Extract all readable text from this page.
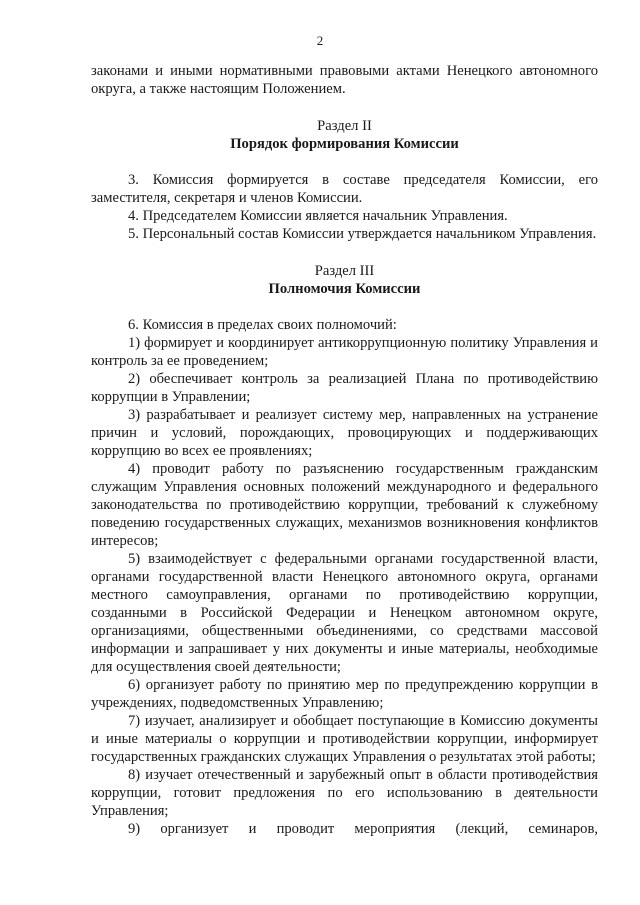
2

законами и иными нормативными правовыми актами Ненецкого автономного округа, а также настоящим Положением.

Раздел II

Порядок формирования Комиссии

3. Комиссия формируется в составе председателя Комиссии, его заместителя, секретаря и членов Комиссии.

4. Председателем Комиссии является начальник Управления.

5. Персональный состав Комиссии утверждается начальником Управления.

Раздел III

Полномочия Комиссии

6. Комиссия в пределах своих полномочий:

1) формирует и координирует антикоррупционную политику Управления и контроль за ее проведением;

2) обеспечивает контроль за реализацией Плана по противодействию коррупции в Управлении;

3) разрабатывает и реализует систему мер, направленных на устранение причин и условий, порождающих, провоцирующих и поддерживающих коррупцию во всех ее проявлениях;

4) проводит работу по разъяснению государственным гражданским служащим Управления основных положений международного и федерального законодательства по противодействию коррупции, требований к служебному поведению государственных служащих, механизмов возникновения конфликтов интересов;

5) взаимодействует с федеральными органами государственной власти, органами государственной власти Ненецкого автономного округа, органами местного самоуправления, органами по противодействию коррупции, созданными в Российской Федерации и Ненецком автономном округе, организациями, общественными объединениями, со средствами массовой информации и запрашивает у них документы и иные материалы, необходимые для осуществления своей деятельности;

6) организует работу по принятию мер по предупреждению коррупции в учреждениях, подведомственных Управлению;

7) изучает, анализирует и обобщает поступающие в Комиссию документы и иные материалы о коррупции и противодействии коррупции, информирует государственных гражданских служащих Управления о результатах этой работы;

8) изучает отечественный и зарубежный опыт в области противодействия коррупции, готовит предложения по его использованию в деятельности Управления;

9) организует и проводит мероприятия (лекций, семинаров,
